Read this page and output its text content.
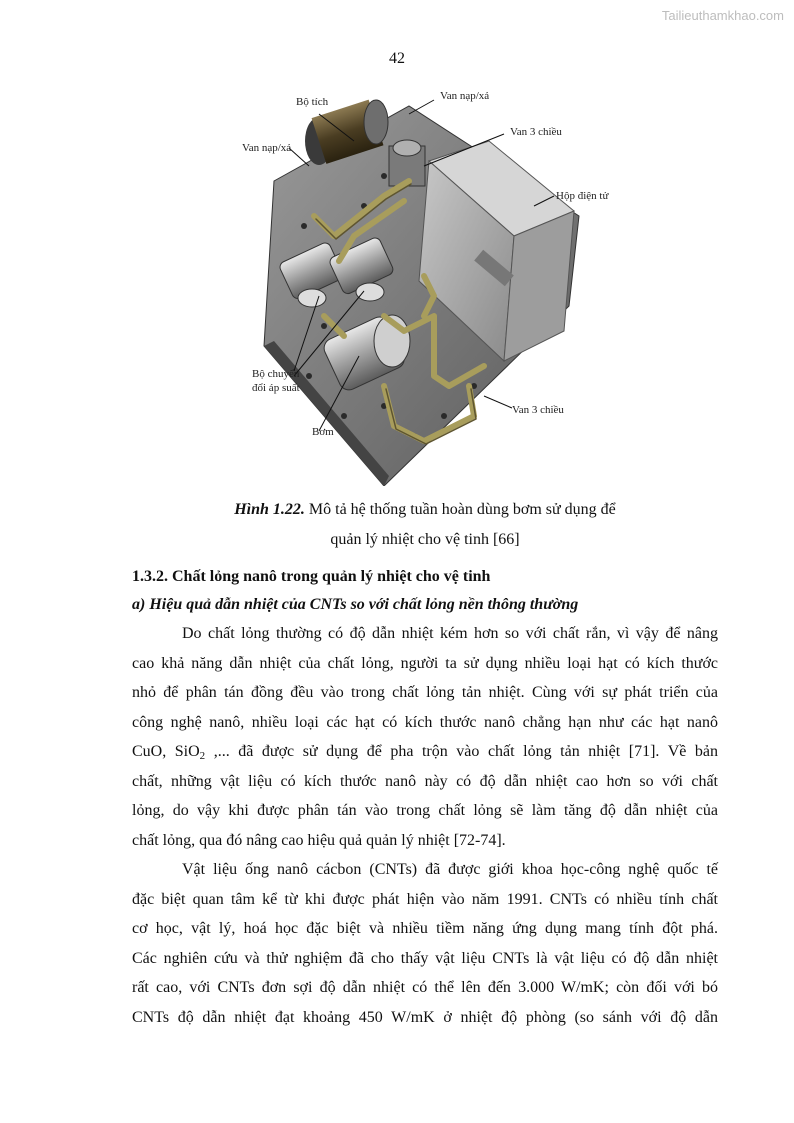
Tailieuthamkhao.com
42
Bộ tích	Van nạp/xả
Van nạp/xả
Van 3 chiều
Hộp điện tử
Bộ chuyển
đổi áp suất
Bơm
Van 3 chiều
Hình 1.22. Mô tả hệ thống tuần hoàn dùng bơm sử dụng để
quản lý nhiệt cho vệ tinh [66]
1.3.2. Chất lỏng nanô trong quản lý nhiệt cho vệ tinh
a) Hiệu quả dẫn nhiệt của CNTs so với chất lỏng nền thông thường
Do chất lỏng thường có độ dẫn nhiệt kém hơn so với chất rắn, vì vậy để nâng
cao khả năng dẫn nhiệt của chất lỏng, người ta sử dụng nhiều loại hạt có kích thước
nhỏ để phân tán đồng đều vào trong chất lỏng tản nhiệt. Cùng với sự phát triển của
công nghệ nanô, nhiều loại các hạt có kích thước nanô chẳng hạn như các hạt nanô
CuO, SiO$_2$ ,... đã được sử dụng để pha trộn vào chất lỏng tản nhiệt [71]. Về bản
chất, những vật liệu có kích thước nanô này có độ dẫn nhiệt cao hơn so với chất
lỏng, do vậy khi được phân tán vào trong chất lỏng sẽ làm tăng độ dẫn nhiệt của
chất lỏng, qua đó nâng cao hiệu quả quản lý nhiệt [72-74].
Vật liệu ống nanô cácbon (CNTs) đã được giới khoa học-công nghệ quốc tế
đặc biệt quan tâm kể từ khi được phát hiện vào năm 1991. CNTs có nhiều tính chất
cơ học, vật lý, hoá học đặc biệt và nhiều tiềm năng ứng dụng mang tính đột phá.
Các nghiên cứu và thử nghiệm đã cho thấy vật liệu CNTs là vật liệu có độ dẫn nhiệt
rất cao, với CNTs đơn sợi độ dẫn nhiệt có thể lên đến 3.000 W/mK; còn đối với bó
CNTs độ dẫn nhiệt đạt khoảng 450 W/mK ở nhiệt độ phòng (so sánh với độ dẫn
